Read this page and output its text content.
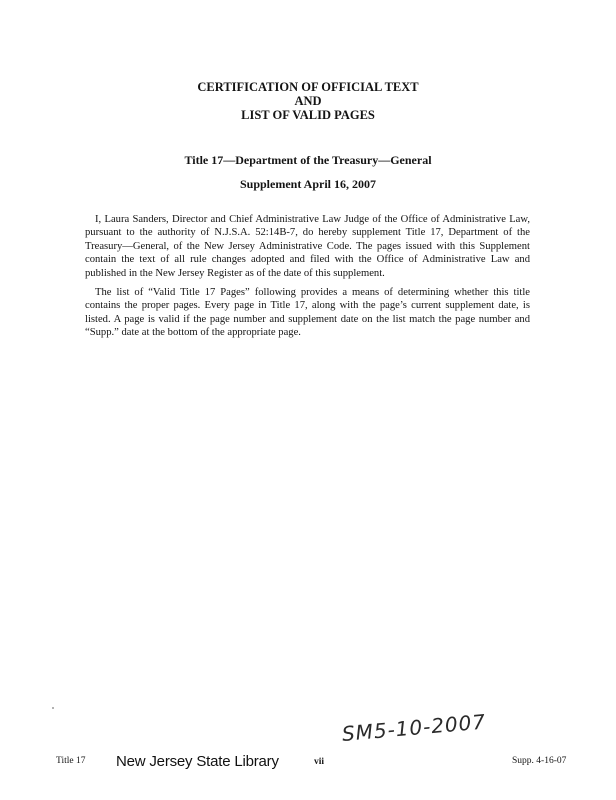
CERTIFICATION OF OFFICIAL TEXT
AND
LIST OF VALID PAGES
Title 17—Department of the Treasury—General
Supplement April 16, 2007

I, Laura Sanders, Director and Chief Administrative Law Judge of the Office of Administrative Law, pursuant to the authority of N.J.S.A. 52:14B-7, do hereby supplement Title 17, Department of the Treasury—General, of the New Jersey Administrative Code. The pages issued with this Supplement contain the text of all rule changes adopted and filed with the Office of Administrative Law and published in the New Jersey Register as of the date of this supplement.

The list of “Valid Title 17 Pages” following provides a means of determining whether this title contains the proper pages. Every page in Title 17, along with the page’s current supplement date, is listed. A page is valid if the page number and supplement date on the list match the page number and “Supp.” date at the bottom of the appropriate page.

SM5-10-2007
Title 17 New Jersey State Library	vii	Supp. 4-16-07
